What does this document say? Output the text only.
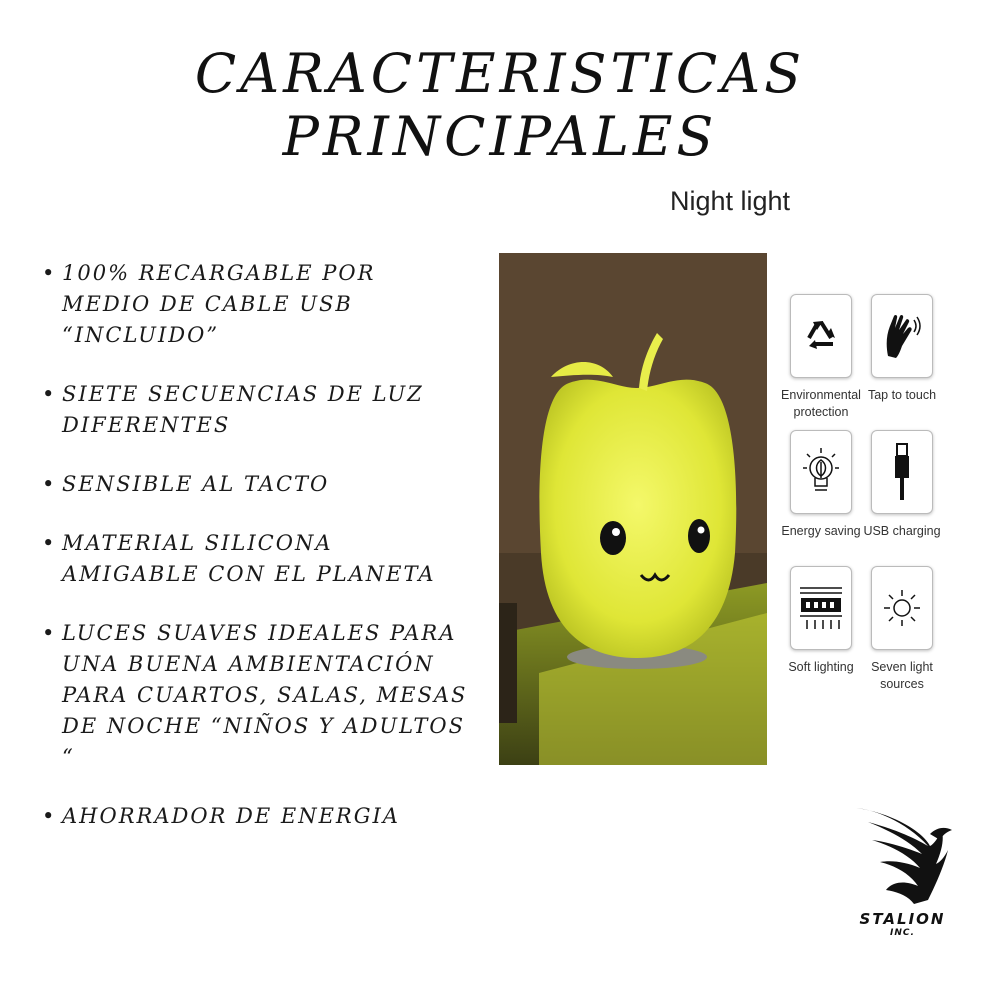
CARACTERISTICAS PRINCIPALES
• 100% RECARGABLE POR MEDIO DE CABLE USB “INCLUIDO”
• SIETE SECUENCIAS DE LUZ DIFERENTES
• SENSIBLE AL TACTO
• MATERIAL SILICONA AMIGABLE CON EL PLANETA
• LUCES SUAVES IDEALES PARA UNA BUENA AMBIENTACIÓN PARA CUARTOS, SALAS, MESAS DE NOCHE “NIÑOS Y ADULTOS “
• AHORRADOR DE ENERGIA
Night light
Environmental protection
Tap to touch
Energy saving USB charging
Soft lighting	Seven light sources
STALION
INC.
